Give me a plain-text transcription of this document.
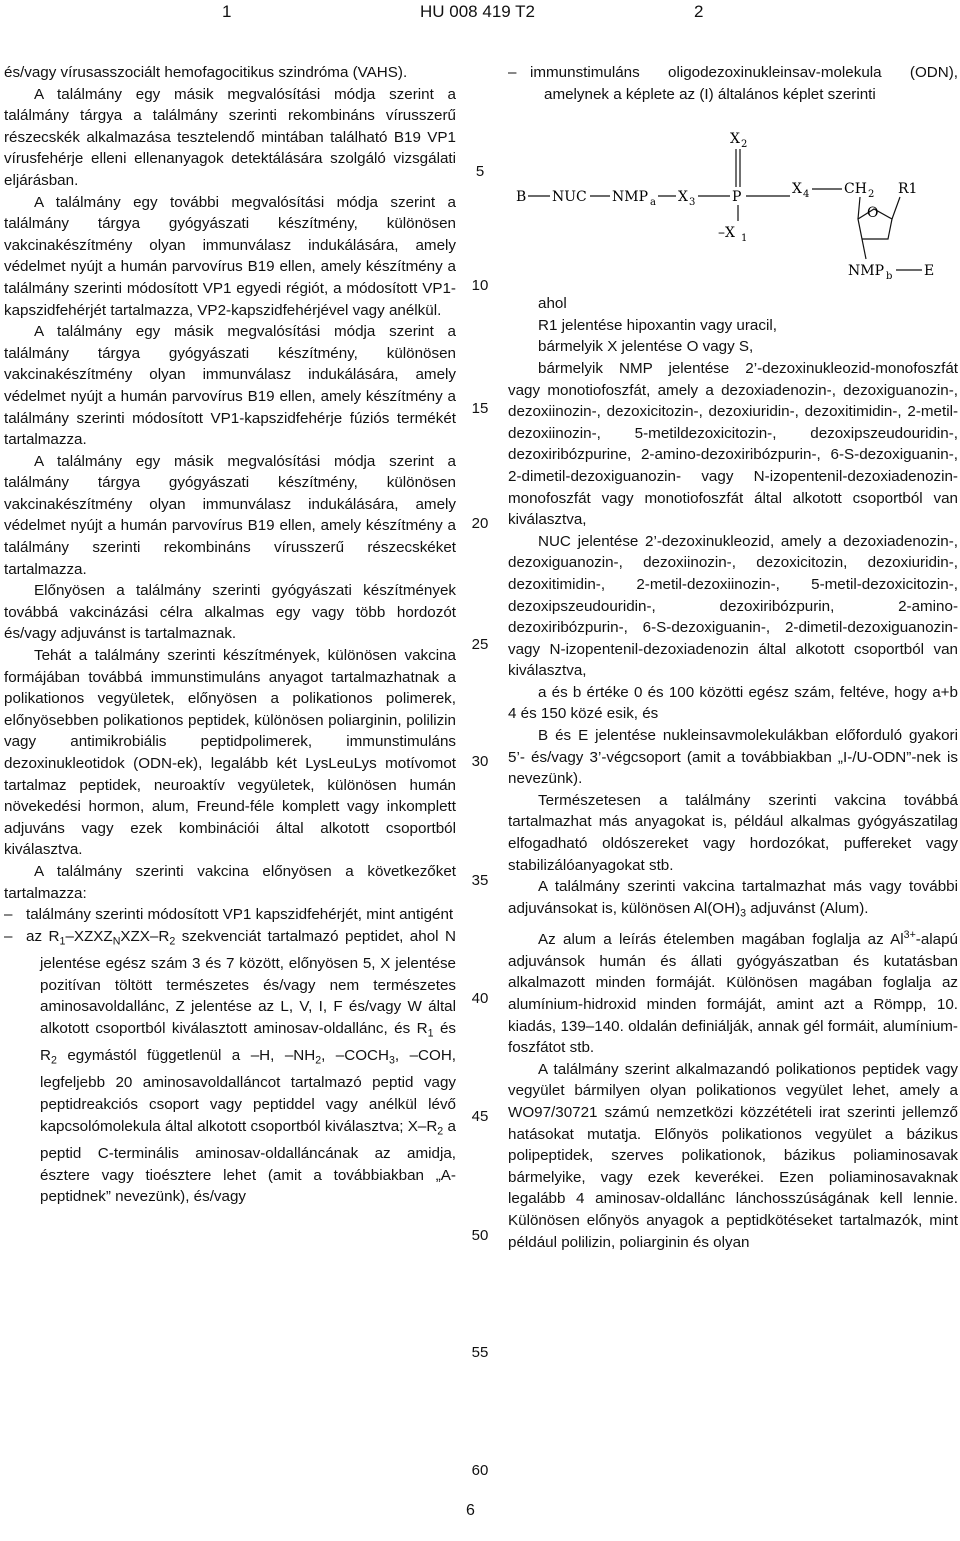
1	HU 008 419 T2	2

és/vagy vírusasszociált hemofagocitikus szindróma (VAHS).

A találmány egy másik megvalósítási módja szerint a találmány tárgya a találmány szerinti rekombináns vírusszerű részecskék alkalmazása tesztelendő mintában található B19 VP1 vírusfehérje elleni ellenanyagok detektálására szolgáló vizsgálati eljárásban.

A találmány egy további megvalósítási módja szerint a találmány tárgya gyógyászati készítmény, különösen vakcinakészítmény olyan immunválasz indukálására, amely védelmet nyújt a humán parvovírus B19 ellen, amely készítmény a találmány szerinti módosított VP1 egyedi régiót, a módosított VP1-kapszidfehérjét tartalmazza, VP2-kapszidfehérjével vagy anélkül.

A találmány egy másik megvalósítási módja szerint a találmány tárgya gyógyászati készítmény, különösen vakcinakészítmény olyan immunválasz indukálására, amely védelmet nyújt a humán parvovírus B19 ellen, amely készítmény a találmány szerinti módosított VP1-kapszidfehérje fúziós termékét tartalmazza.

A találmány egy másik megvalósítási módja szerint a találmány tárgya gyógyászati készítmény, különösen vakcinakészítmény olyan immunválasz indukálására, amely védelmet nyújt a humán parvovírus B19 ellen, amely készítmény a találmány szerinti rekombináns vírusszerű részecskéket tartalmazza.

Előnyösen a találmány szerinti gyógyászati készítmények továbbá vakcinázási célra alkalmas egy vagy több hordozót és/vagy adjuvánst is tartalmaznak.

Tehát a találmány szerinti készítmények, különösen vakcina formájában továbbá immunstimuláns anyagot tartalmazhatnak a polikationos vegyületek, előnyösen a polikationos polimerek, előnyösebben polikationos peptidek, különösen poliarginin, polilizin vagy antimikrobiális peptidpolimerek, immunstimuláns dezoxinukleotidok (ODN-ek), legalább két LysLeuLys motívomot tartalmaz peptidek, neuroaktív vegyületek, különösen humán növekedési hormon, alum, Freund-féle komplett vagy inkomplett adjuváns vagy ezek kombinációi által alkotott csoportból kiválasztva.

A találmány szerinti vakcina előnyösen a következőket tartalmazza:

– találmány szerinti módosított VP1 kapszidfehérjét, mint antigént

– az $R_1-XZXZ_NXZX-R_2$ szekvenciát tartalmazó peptidet, ahol N jelentése egész szám 3 és 7 között, előnyösen 5, X jelentése pozitívan töltött természetes és/vagy nem természetes aminosavoldallánc, Z jelentése az L, V, I, F és/vagy W által alkotott csoportból kiválasztott aminosav-oldallánc, és $R_1$ és $R_2$ egymástól függetlenül a –H, $-NH_2$, $-COCH_3$, –COH, legfeljebb 20 aminosavoldalláncot tartalmazó peptid vagy peptidreakciós csoport vagy peptiddel vagy anélkül lévő kapcsolómolekula által alkotott csoportból kiválasztva; $X-R_2$ a peptid C-terminális aminosav-oldalláncának az amidja, észtere vagy tioésztere lehet (amit a továbbiakban „A-peptidnek” nevezünk), és/vagy

5
10
15
20
25
30
35
40
45
50
55
60

– immunstimuláns oligodezoxinukleinsav-molekula (ODN), amelynek a képlete az (I) általános képlet szerinti

B NUC NMP a X 3	P
X 2
–X 1
X 4 CH 2 R1
O
NMP b E

ahol

R1 jelentése hipoxantin vagy uracil,

bármelyik X jelentése O vagy S,

bármelyik NMP jelentése 2’-dezoxinukleozid-monofoszfát vagy monotiofoszfát, amely a dezoxiadenozin-, dezoxiguanozin-, dezoxiinozin-, dezoxicitozin-, dezoxiuridin-, dezoxitimidin-, 2-metil-dezoxiinozin-, 5-metildezoxicitozin-, dezoxipszeudouridin-, dezoxiribózpurine, 2-amino-dezoxiribózpurin-, 6-S-dezoxiguanin-, 2-dimetil-dezoxiguanozin- vagy N-izopentenil-dezoxiadenozin-monofoszfát vagy monotiofoszfát által alkotott csoportból van kiválasztva,

NUC jelentése 2’-dezoxinukleozid, amely a dezoxiadenozin-, dezoxiguanozin-, dezoxiinozin-, dezoxicitozin, dezoxiuridin-, dezoxitimidin-, 2-metil-dezoxiinozin-, 5-metil-dezoxicitozin-, dezoxipszeudouridin-, dezoxiribózpurin, 2-amino-dezoxiribózpurin-, 6-S-dezoxiguanin-, 2-dimetil-dezoxiguanozin- vagy N-izopentenil-dezoxiadenozin által alkotott csoportból van kiválasztva,

a és b értéke 0 és 100 közötti egész szám, feltéve, hogy a+b 4 és 150 közé esik, és

B és E jelentése nukleinsavmolekulákban előforduló gyakori 5’- és/vagy 3’-végcsoport (amit a továbbiakban „I-/U-ODN”-nek is nevezünk).

Természetesen a találmány szerinti vakcina továbbá tartalmazhat más anyagokat is, például alkalmas gyógyászatilag elfogadható oldószereket vagy hordozókat, puffereket vagy stabilizálóanyagokat stb.

A találmány szerinti vakcina tartalmazhat más vagy további adjuvánsokat is, különösen $Al(OH)_3$ adjuvánst (Alum).

Az alum a leírás ételemben magában foglalja az $Al^{3+}$-alapú adjuvánsok humán és állati gyógyászatban és kutatásban alkalmazott minden formáját. Különösen magában foglalja az alumínium-hidroxid minden formáját, amint azt a Römpp, 10. kiadás, 139–140. oldalán definiálják, annak gél formáit, alumínium-foszfátot stb.

A találmány szerint alkalmazandó polikationos peptidek vagy vegyület bármilyen olyan polikationos vegyület lehet, amely a WO97/30721 számú nemzetközi közzétételi irat szerinti jellemző hatásokat mutatja. Előnyös polikationos vegyület a bázikus polipeptidek, szerves polikationok, bázikus poliaminosavak bármelyike, vagy ezek keverékei. Ezen poliaminosavaknak legalább 4 aminosav-oldallánc lánchosszúságának kell lennie. Különösen előnyös anyagok a peptidkötéseket tartalmazók, mint például polilizin, poliarginin és olyan

6
